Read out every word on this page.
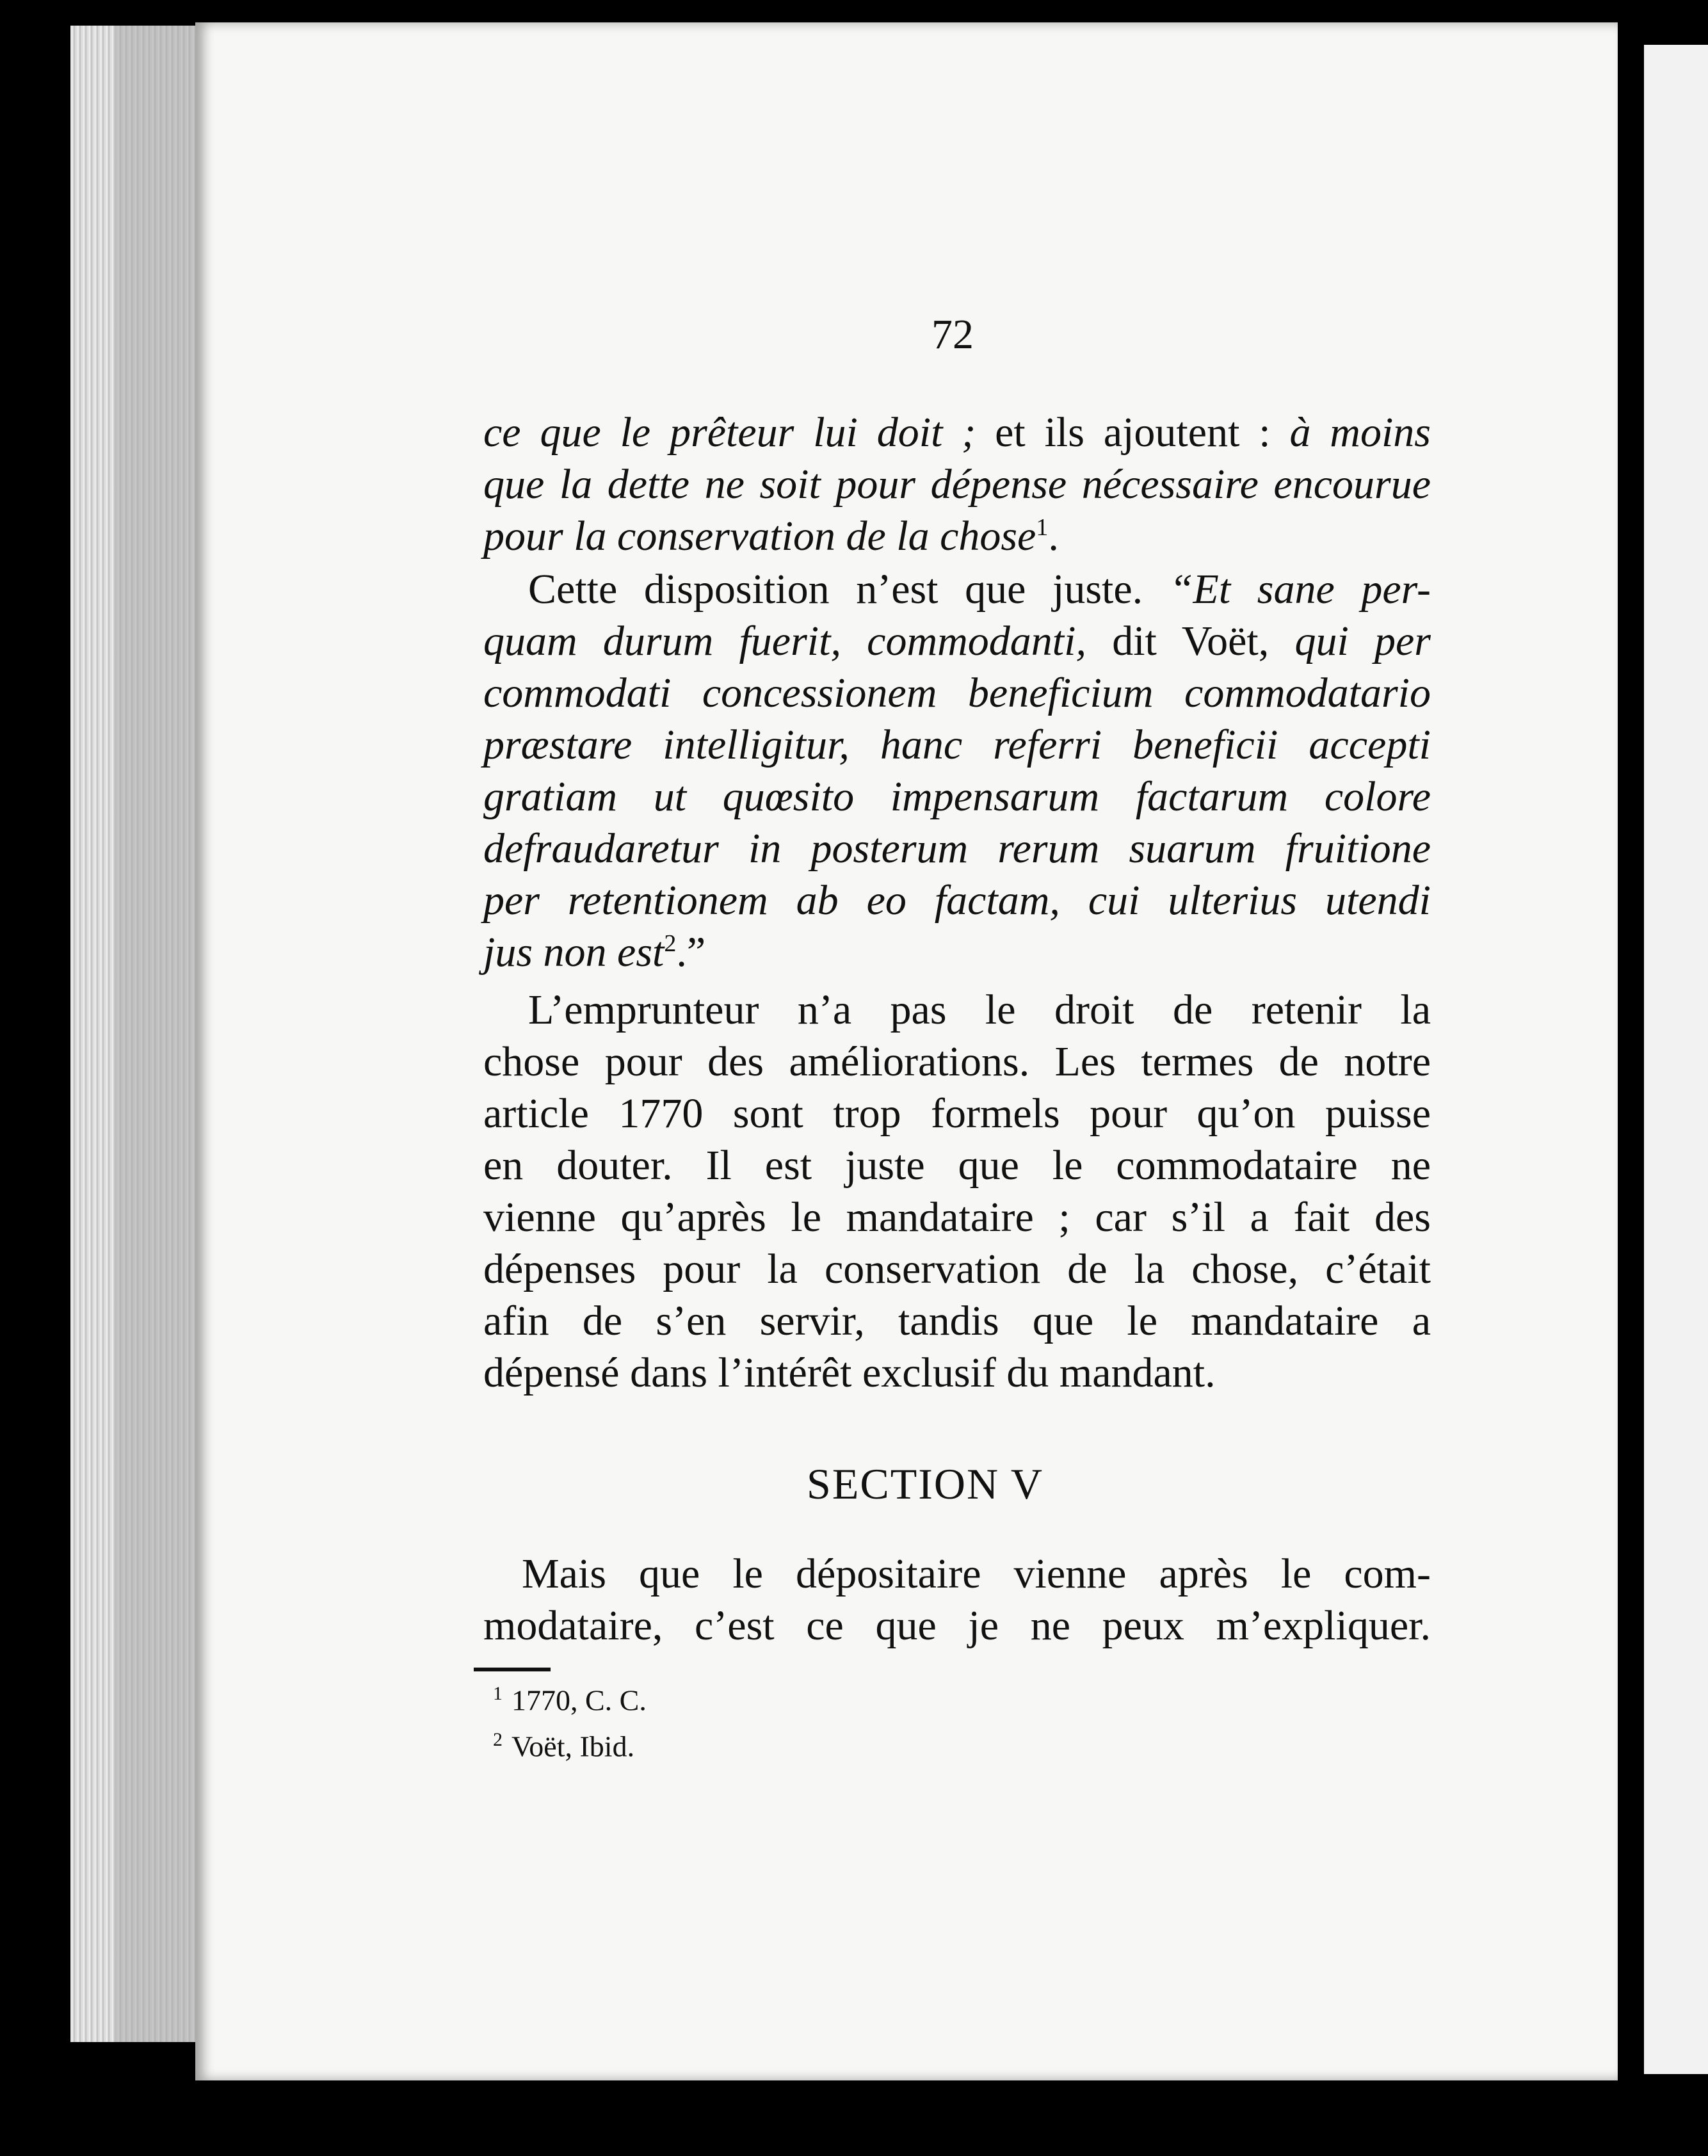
72
ce que le prêteur lui doit ; et ils ajoutent : à moins
que la dette ne soit pour dépense nécessaire encourue
pour la conservation de la chose$^1$.
Cette disposition n’est que juste. “Et sane per-
quam durum fuerit, commodanti, dit Voët, qui per
commodati concessionem beneficium commodatario
præstare intelligitur, hanc referri beneficii accepti
gratiam ut quœsito impensarum factarum colore
defraudaretur in posterum rerum suarum fruitione
per retentionem ab eo factam, cui ulterius utendi
jus non est$^2$.”
L’emprunteur n’a pas le droit de retenir la
chose pour des améliorations. Les termes de notre
article 1770 sont trop formels pour qu’on puisse
en douter. Il est juste que le commodataire ne
vienne qu’après le mandataire ; car s’il a fait des
dépenses pour la conservation de la chose, c’était
afin de s’en servir, tandis que le mandataire a
dépensé dans l’intérêt exclusif du mandant.
SECTION V
Mais que le dépositaire vienne après le com-
modataire, c’est ce que je ne peux m’expliquer.
$^1$ 1770, C. C.
$^2$ Voët, Ibid.
